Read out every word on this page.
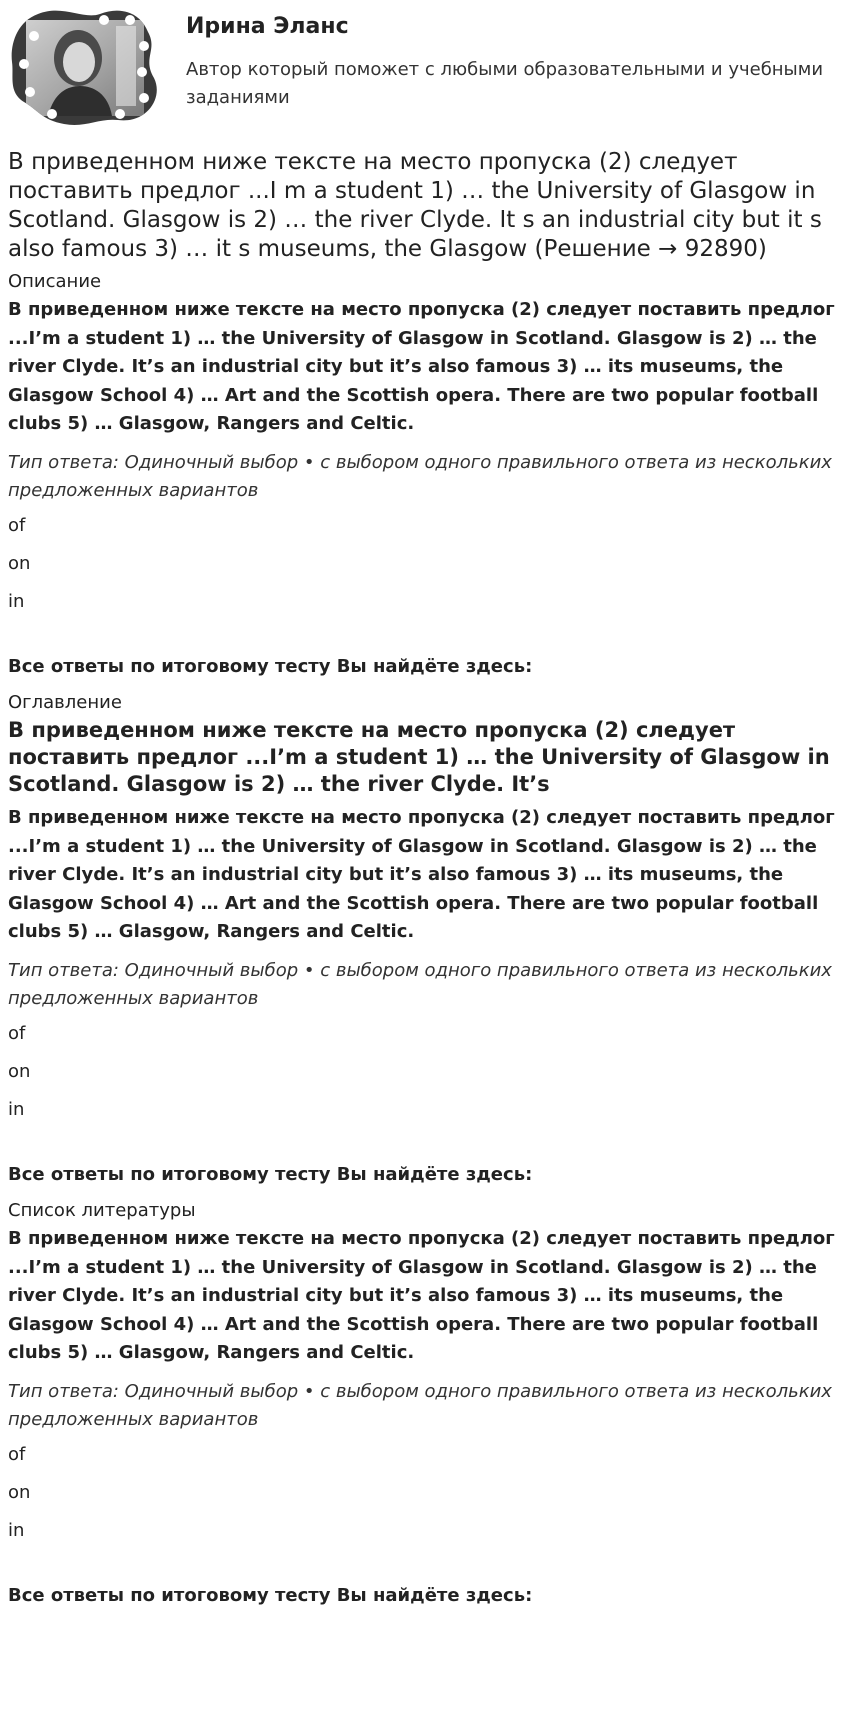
Ирина Эланс
Автор который поможет с любыми образовательными и учебными заданиями
В приведенном ниже тексте на место пропуска (2) следует поставить предлог ...I m a student 1) … the University of Glasgow in Scotland. Glasgow is 2) … the river Clyde. It s an industrial city but it s also famous 3) … it s museums, the Glasgow (Решение → 92890)
Описание

В приведенном ниже тексте на место пропуска (2) следует поставить предлог ...I’m a student 1) … the University of Glasgow in Scotland. Glasgow is 2) … the river Clyde. It’s an industrial city but it’s also famous 3) … its museums, the Glasgow School 4) … Art and the Scottish opera. There are two popular football clubs 5) … Glasgow, Rangers and Celtic.

Тип ответа: Одиночный выбор • с выбором одного правильного ответа из нескольких предложенных вариантов

of
on
in
Все ответы по итоговому тесту Вы найдёте здесь:
Оглавление
В приведенном ниже тексте на место пропуска (2) следует поставить предлог ...I’m a student 1) … the University of Glasgow in Scotland. Glasgow is 2) … the river Clyde. It’s

В приведенном ниже тексте на место пропуска (2) следует поставить предлог ...I’m a student 1) … the University of Glasgow in Scotland. Glasgow is 2) … the river Clyde. It’s an industrial city but it’s also famous 3) … its museums, the Glasgow School 4) … Art and the Scottish opera. There are two popular football clubs 5) … Glasgow, Rangers and Celtic.

Тип ответа: Одиночный выбор • с выбором одного правильного ответа из нескольких предложенных вариантов

of
on
in
Все ответы по итоговому тесту Вы найдёте здесь:
Список литературы

В приведенном ниже тексте на место пропуска (2) следует поставить предлог ...I’m a student 1) … the University of Glasgow in Scotland. Glasgow is 2) … the river Clyde. It’s an industrial city but it’s also famous 3) … its museums, the Glasgow School 4) … Art and the Scottish opera. There are two popular football clubs 5) … Glasgow, Rangers and Celtic.

Тип ответа: Одиночный выбор • с выбором одного правильного ответа из нескольких предложенных вариантов

of
on
in
Все ответы по итоговому тесту Вы найдёте здесь:
